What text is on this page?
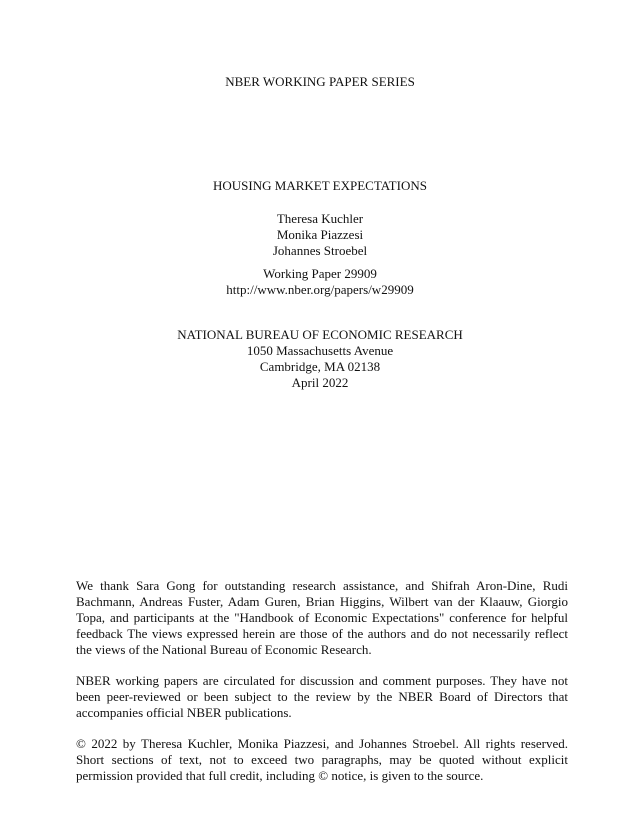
NBER WORKING PAPER SERIES
HOUSING MARKET EXPECTATIONS
Theresa Kuchler
Monika Piazzesi
Johannes Stroebel
Working Paper 29909
http://www.nber.org/papers/w29909
NATIONAL BUREAU OF ECONOMIC RESEARCH
1050 Massachusetts Avenue
Cambridge, MA 02138
April 2022

We thank Sara Gong for outstanding research assistance, and Shifrah Aron-Dine, Rudi Bachmann, Andreas Fuster, Adam Guren, Brian Higgins, Wilbert van der Klaauw, Giorgio Topa, and participants at the "Handbook of Economic Expectations" conference for helpful feedback The views expressed herein are those of the authors and do not necessarily reflect the views of the National Bureau of Economic Research.

NBER working papers are circulated for discussion and comment purposes. They have not been peer-reviewed or been subject to the review by the NBER Board of Directors that accompanies official NBER publications.

© 2022 by Theresa Kuchler, Monika Piazzesi, and Johannes Stroebel. All rights reserved. Short sections of text, not to exceed two paragraphs, may be quoted without explicit permission provided that full credit, including © notice, is given to the source.
